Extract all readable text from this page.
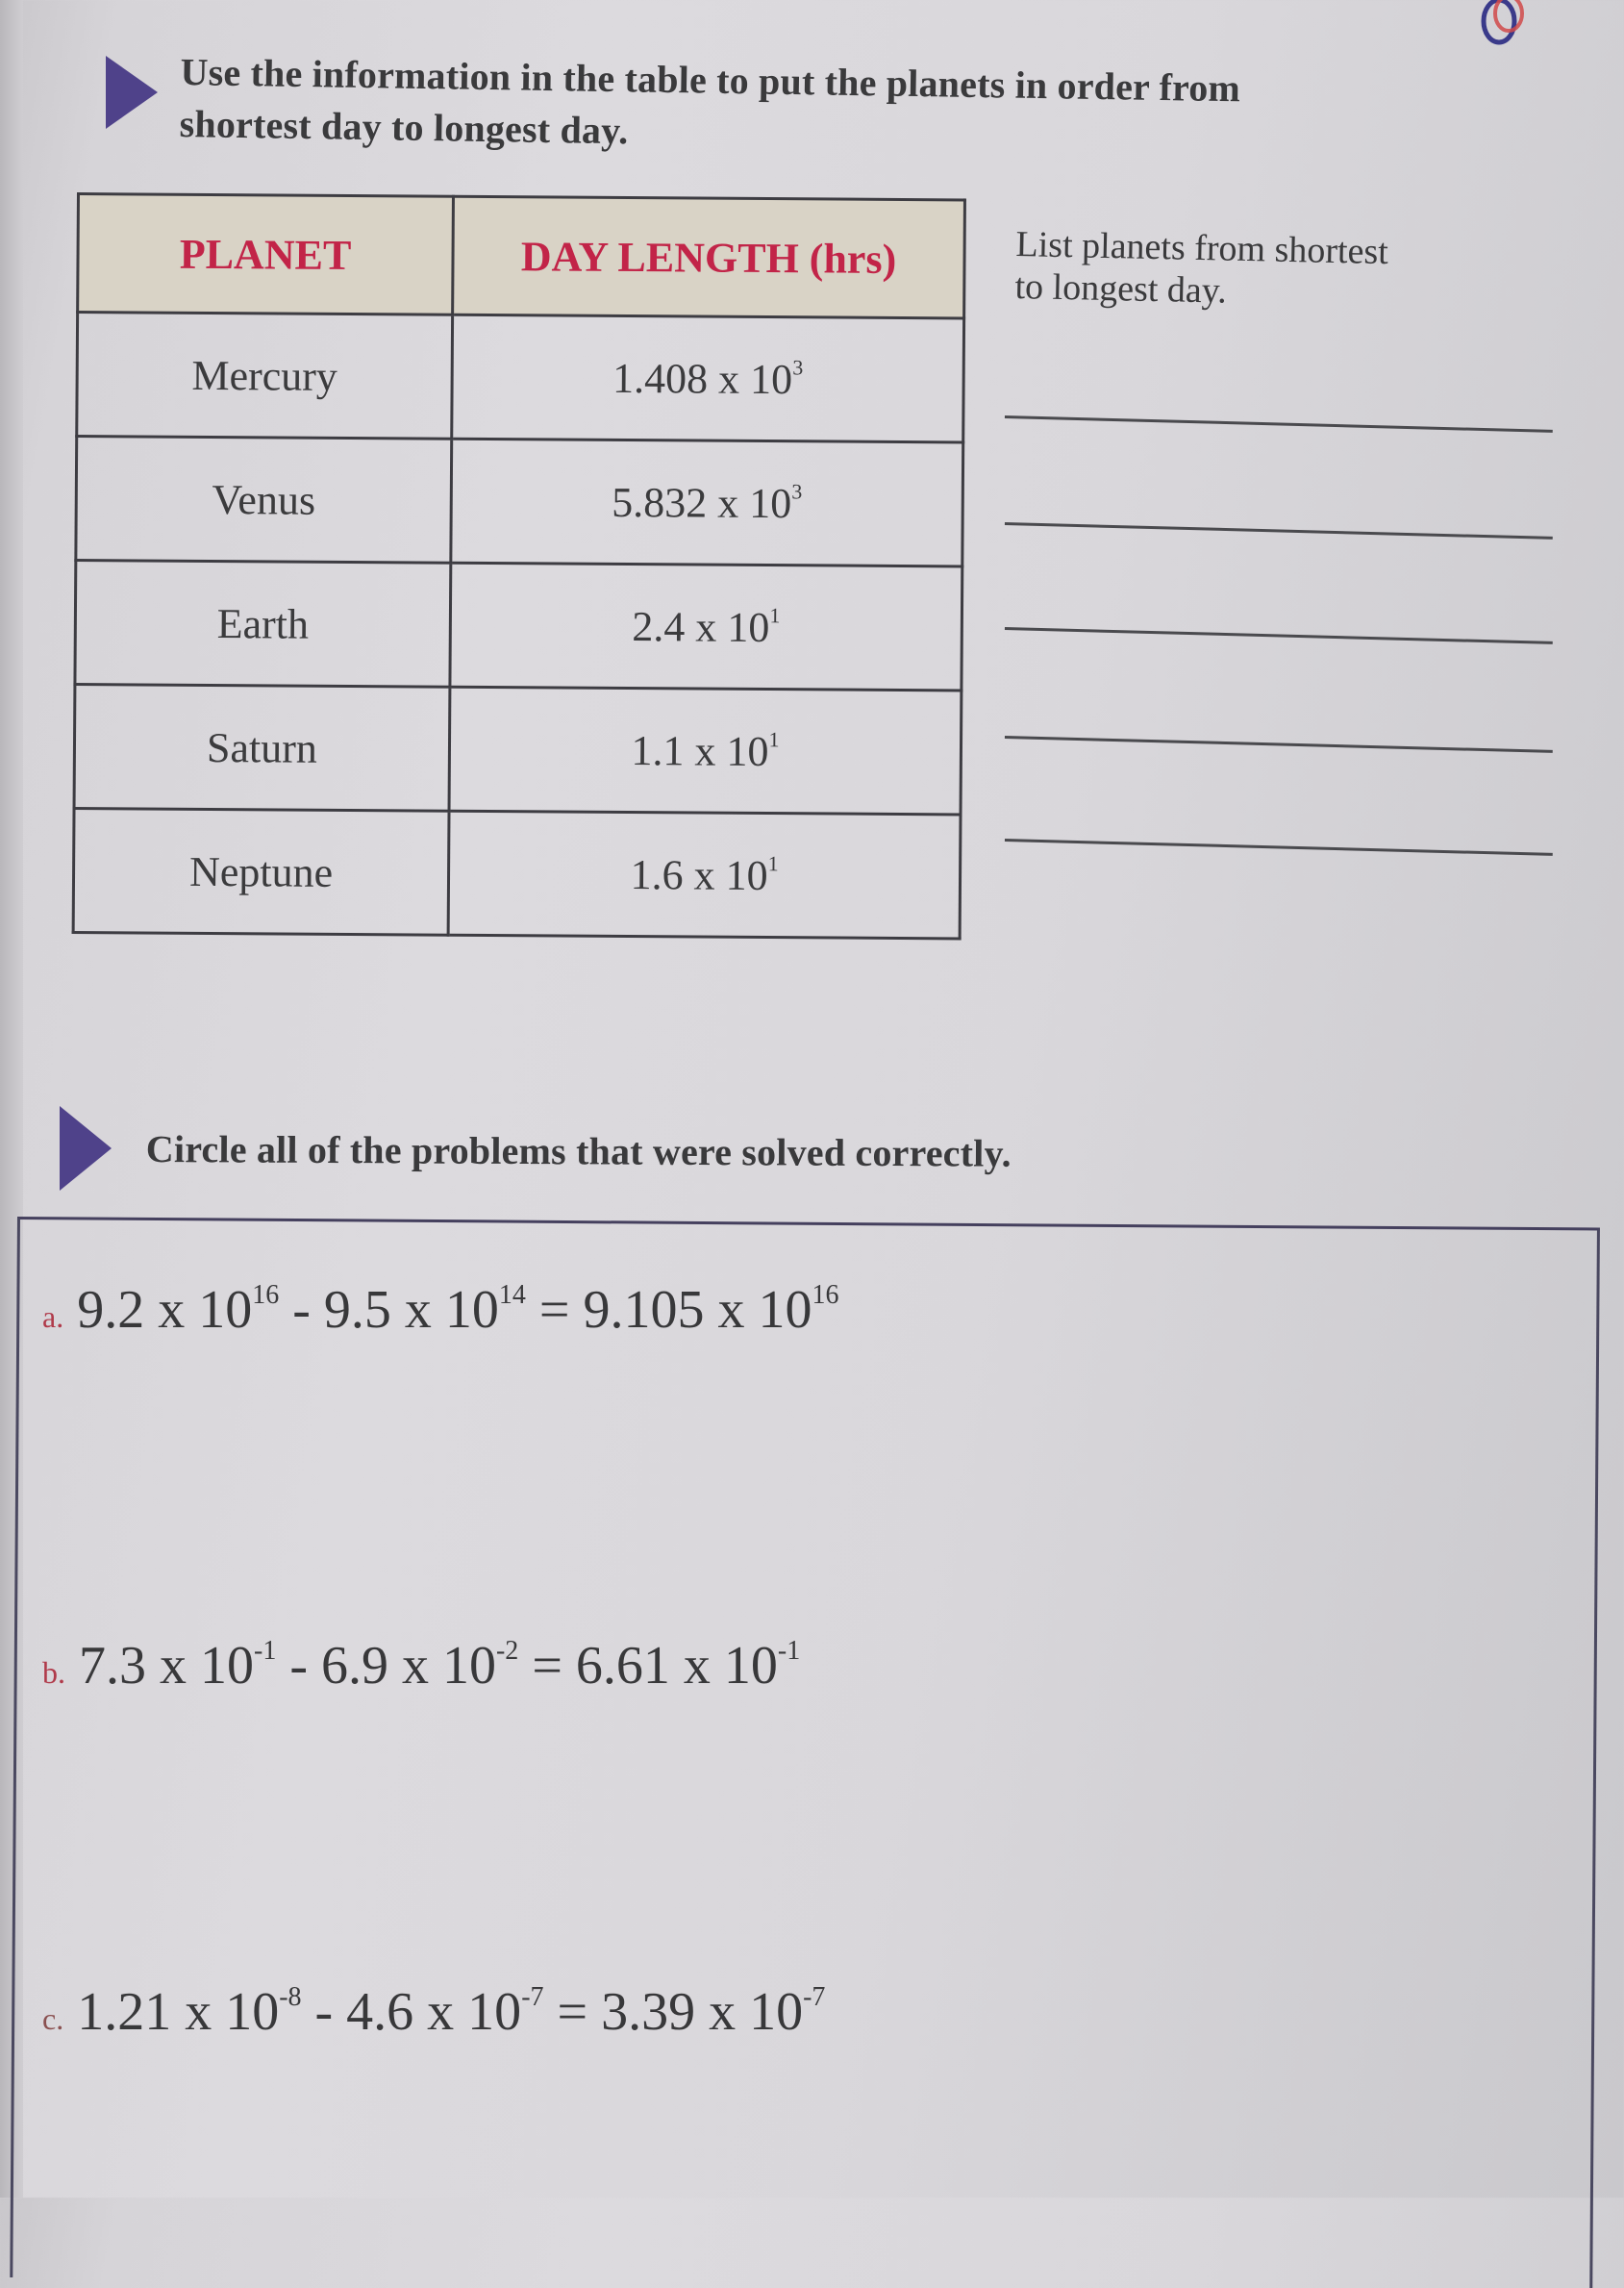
Use the information in the table to put the planets in order from
shortest day to longest day.
PLANET	DAY LENGTH (hrs)
Mercury	1.408 x $10^3$
Venus	5.832 x $10^3$
Earth	2.4 x $10^1$
Saturn	1.1 x $10^1$
Neptune	1.6 x $10^1$
List planets from shortest
to longest day.
Circle all of the problems that were solved correctly.
a. 9.2 x $10^{16} - 9.5$ x $10^{14} = 9.105$ x $10^{16}$
b. 7.3 x $10^{-1} - 6.9$ x $10^{-2} = 6.61$ x $10^{-1}$
c. 1.21 x $10^{-8} - 4.6$ x $10^{-7} = 3.39$ x $10^{-7}$
